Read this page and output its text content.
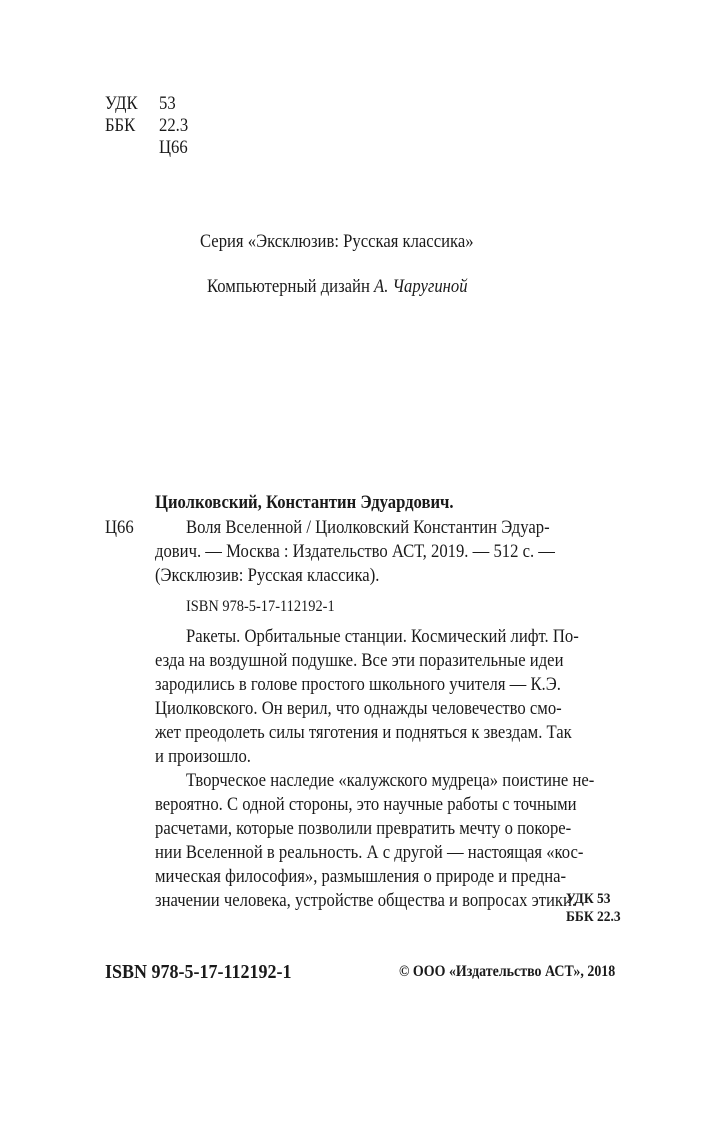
УДК 53
ББК 22.3
Ц66
Серия «Эксклюзив: Русская классика»
Компьютерный дизайн А. Чаругиной
Циолковский, Константин Эдуардович.
Ц66	Воля Вселенной / Циолковский Константин Эдуар-
дович. — Москва : Издательство АСТ, 2019. — 512 с. —
(Эксклюзив: Русская классика).
ISBN 978-5-17-112192-1
Ракеты. Орбитальные станции. Космический лифт. По-
езда на воздушной подушке. Все эти поразительные идеи
зародились в голове простого школьного учителя — К.Э.
Циолковского. Он верил, что однажды человечество смо-
жет преодолеть силы тяготения и подняться к звездам. Так
и произошло.
Творческое наследие «калужского мудреца» поистине не-
вероятно. С одной стороны, это научные работы с точными
расчетами, которые позволили превратить мечту о покоре-
нии Вселенной в реальность. А с другой — настоящая «кос-
мическая философия», размышления о природе и предна-
значении человека, устройстве общества и вопросах этики.
УДК 53
ББК 22.3
ISBN 978-5-17-112192-1	© ООО «Издательство АСТ», 2018
